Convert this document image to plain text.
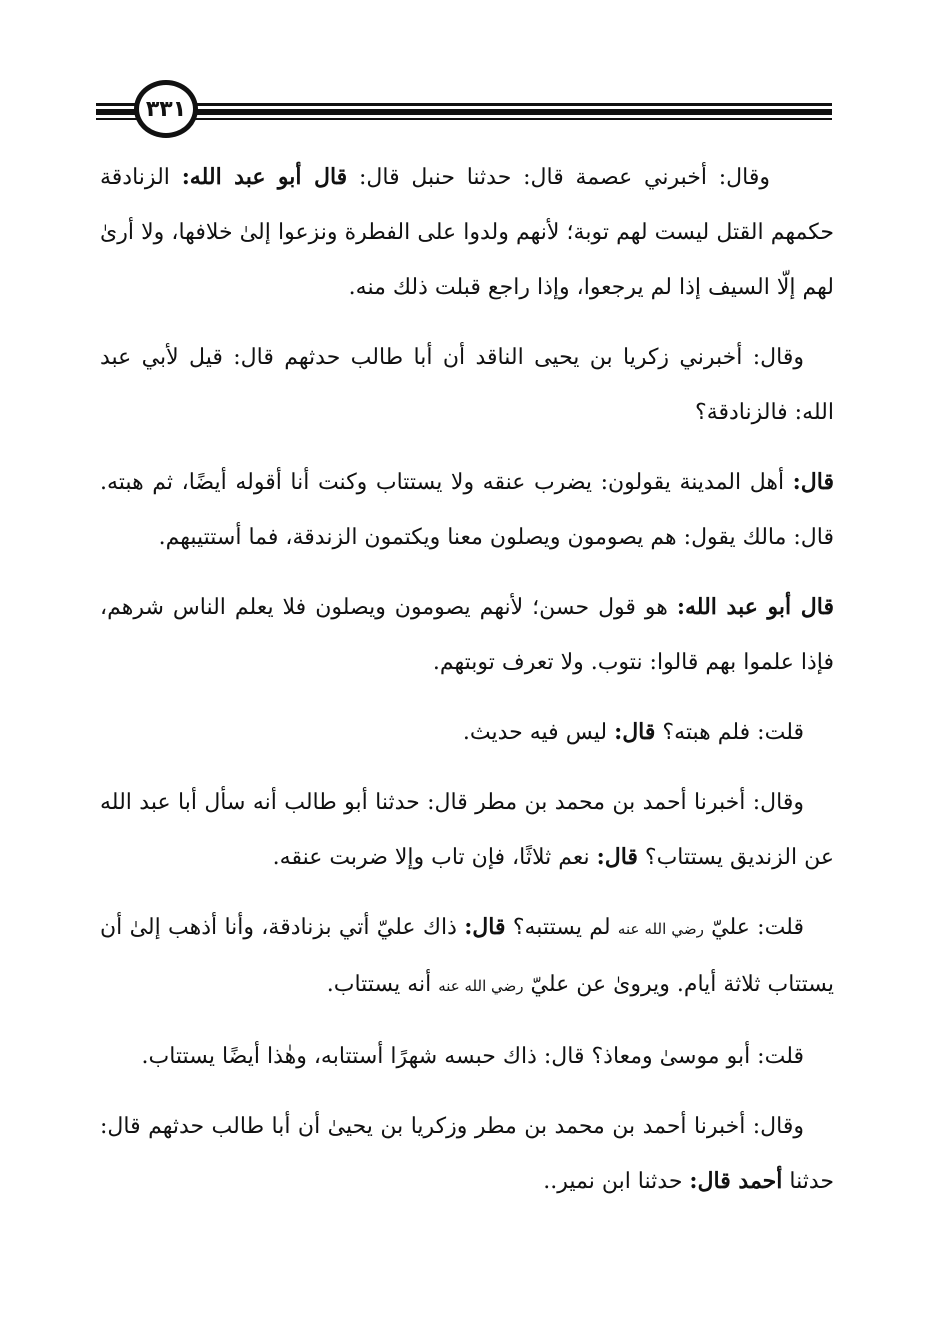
٣٣١

وقال: أخبرني عصمة قال: حدثنا حنبل قال: قال أبو عبد الله: الزنادقة حكمهم القتل ليست لهم توبة؛ لأنهم ولدوا على الفطرة ونزعوا إلىٰ خلافها، ولا أرىٰ لهم إلّا السيف إذا لم يرجعوا، وإذا راجع قبلت ذلك منه.

وقال: أخبرني زكريا بن يحيى الناقد أن أبا طالب حدثهم قال: قيل لأبي عبد الله: فالزنادقة؟

قال: أهل المدينة يقولون: يضرب عنقه ولا يستتاب وكنت أنا أقوله أيضًا، ثم هبته. قال: مالك يقول: هم يصومون ويصلون معنا ويكتمون الزندقة، فما أستتيبهم.

قال أبو عبد الله: هو قول حسن؛ لأنهم يصومون ويصلون فلا يعلم الناس شرهم، فإذا علموا بهم قالوا: نتوب. ولا تعرف توبتهم.

قلت: فلم هبته؟ قال: ليس فيه حديث.

وقال: أخبرنا أحمد بن محمد بن مطر قال: حدثنا أبو طالب أنه سأل أبا عبد الله عن الزنديق يستتاب؟ قال: نعم ثلاثًا، فإن تاب وإلا ضربت عنقه.

قلت: عليّ رضي الله عنه لم يستتبه؟ قال: ذاك عليّ أتي بزنادقة، وأنا أذهب إلىٰ أن يستتاب ثلاثة أيام. ويروىٰ عن عليّ رضي الله عنه أنه يستتاب.

قلت: أبو موسىٰ ومعاذ؟ قال: ذاك حبسه شهرًا أستتابه، وهٰذا أيضًا يستتاب.

وقال: أخبرنا أحمد بن محمد بن مطر وزكريا بن يحيىٰ أن أبا طالب حدثهم قال: حدثنا أحمد قال: حدثنا ابن نمير..
